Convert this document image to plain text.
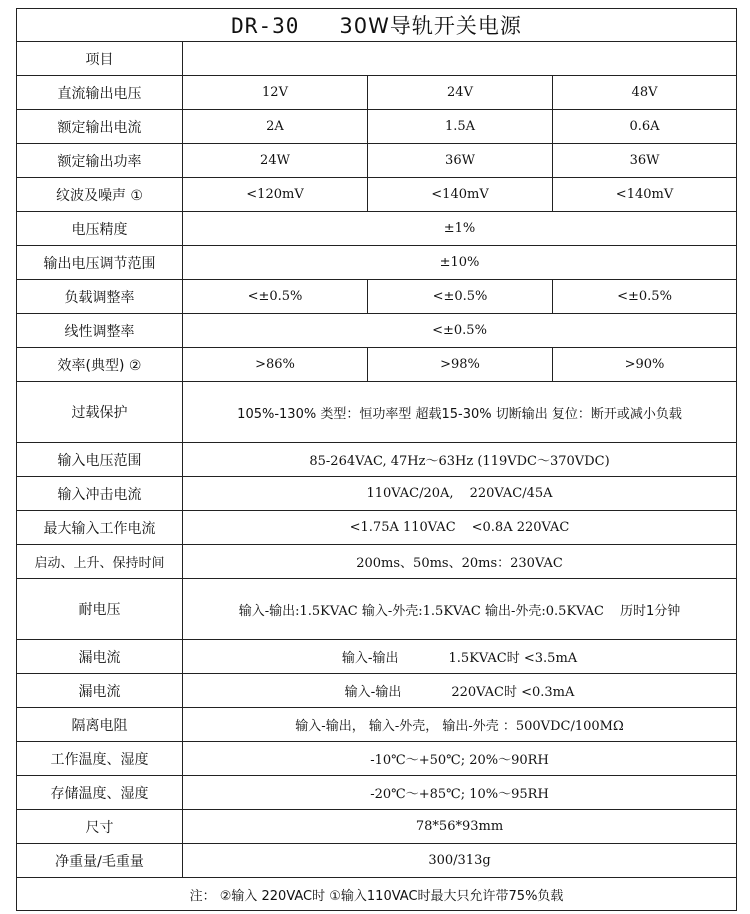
DR-30 30W导轨开关电源			
项目			
直流输出电压	12V	24V	48V
额定输出电流	2A	1.5A	0.6A
额定输出功率	24W	36W	36W
纹波及噪声 ①	<120mV	<140mV	<140mV
电压精度	±1%		
输出电压调节范围	±10%		
负载调整率	<±0.5%	<±0.5%	<±0.5%
线性调整率	<±0.5%		
效率(典型) ②	>86%	>98%	>90%
过载保护	105%-130% 类型：恒功率型 超载15-30% 切断输出 复位：断开或减小负载		
输入电压范围	85-264VAC, 47Hz～63Hz (119VDC～370VDC)		
输入冲击电流	110VAC/20A, 220VAC/45A		
最大输入工作电流	<1.75A 110VAC <0.8A 220VAC		
启动、上升、保持时间	200ms、50ms、20ms：230VAC		
耐电压	输入-输出:1.5KVAC 输入-外壳:1.5KVAC 输出-外壳:0.5KVAC 历时1分钟		
漏电流	输入-输出 1.5KVAC时 <3.5mA		
漏电流	输入-输出 220VAC时 <0.3mA		
隔离电阻	输入-输出， 输入-外壳， 输出-外壳 ：500VDC/100MΩ		
工作温度、湿度	-10℃～+50℃; 20%～90RH		
存储温度、湿度	-20℃～+85℃; 10%～95RH		
尺寸	78*56*93mm		
净重量/毛重量	300/313g		
注： ②输入 220VAC时 ①输入110VAC时最大只允许带75%负载			
